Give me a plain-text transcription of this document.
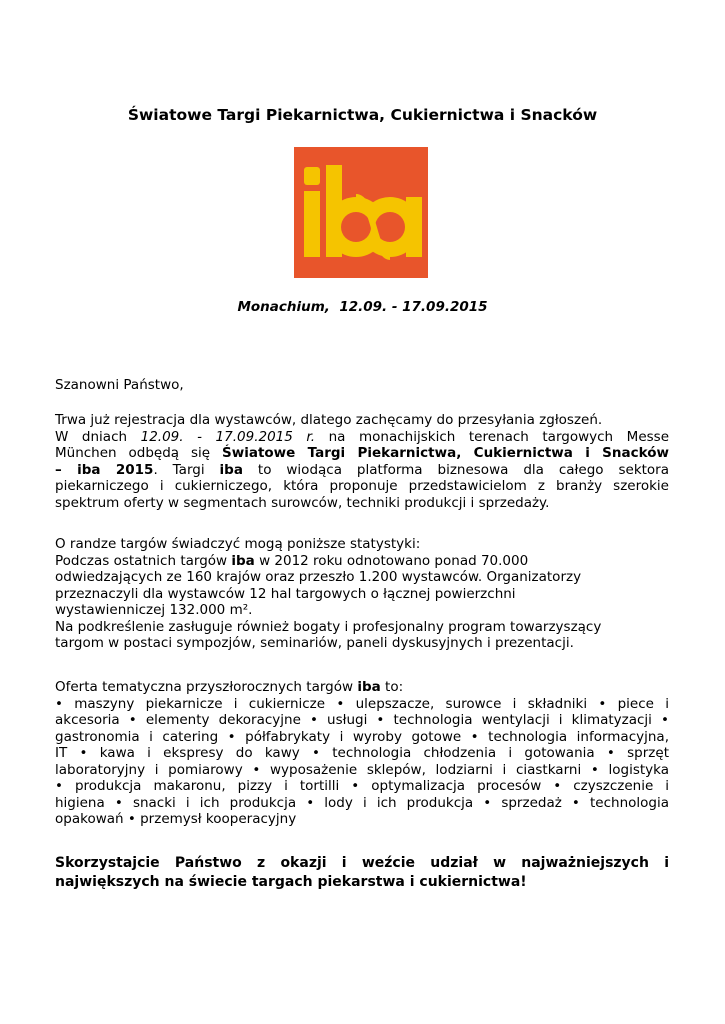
Światowe Targi Piekarnictwa, Cukiernictwa i Snacków

Monachium,  12.09. - 17.09.2015

Szanowni Państwo,

Trwa już rejestracja dla wystawców, dlatego zachęcamy do przesyłania zgłoszeń.
W dniach 12.09. - 17.09.2015 r. na monachijskich terenach targowych Messe
München odbędą się Światowe Targi Piekarnictwa, Cukiernictwa i Snacków
– iba 2015. Targi iba to wiodąca platforma biznesowa dla całego sektora
piekarniczego i cukierniczego, która proponuje przedstawicielom z branży szerokie
spektrum oferty w segmentach surowców, techniki produkcji i sprzedaży.
O randze targów świadczyć mogą poniższe statystyki:
Podczas ostatnich targów iba w 2012 roku odnotowano ponad 70.000
odwiedzających ze 160 krajów oraz przeszło 1.200 wystawców. Organizatorzy
przeznaczyli dla wystawców 12 hal targowych o łącznej powierzchni
wystawienniczej 132.000 m².
Na podkreślenie zasługuje również bogaty i profesjonalny program towarzyszący
targom w postaci sympozjów, seminariów, paneli dyskusyjnych i prezentacji.
Oferta tematyczna przyszłorocznych targów iba to:
• maszyny piekarnicze i cukiernicze • ulepszacze, surowce i składniki • piece i
akcesoria • elementy dekoracyjne • usługi • technologia wentylacji i klimatyzacji •
gastronomia i catering • półfabrykaty i wyroby gotowe • technologia informacyjna,
IT • kawa i ekspresy do kawy • technologia chłodzenia i gotowania • sprzęt
laboratoryjny i pomiarowy • wyposażenie sklepów, lodziarni i ciastkarni • logistyka
• produkcja makaronu, pizzy i tortilli • optymalizacja procesów • czyszczenie i
higiena • snacki i ich produkcja • lody i ich produkcja • sprzedaż • technologia
opakowań • przemysł kooperacyjny
Skorzystajcie Państwo z okazji i weźcie udział w najważniejszych i
największych na świecie targach piekarstwa i cukiernictwa!
